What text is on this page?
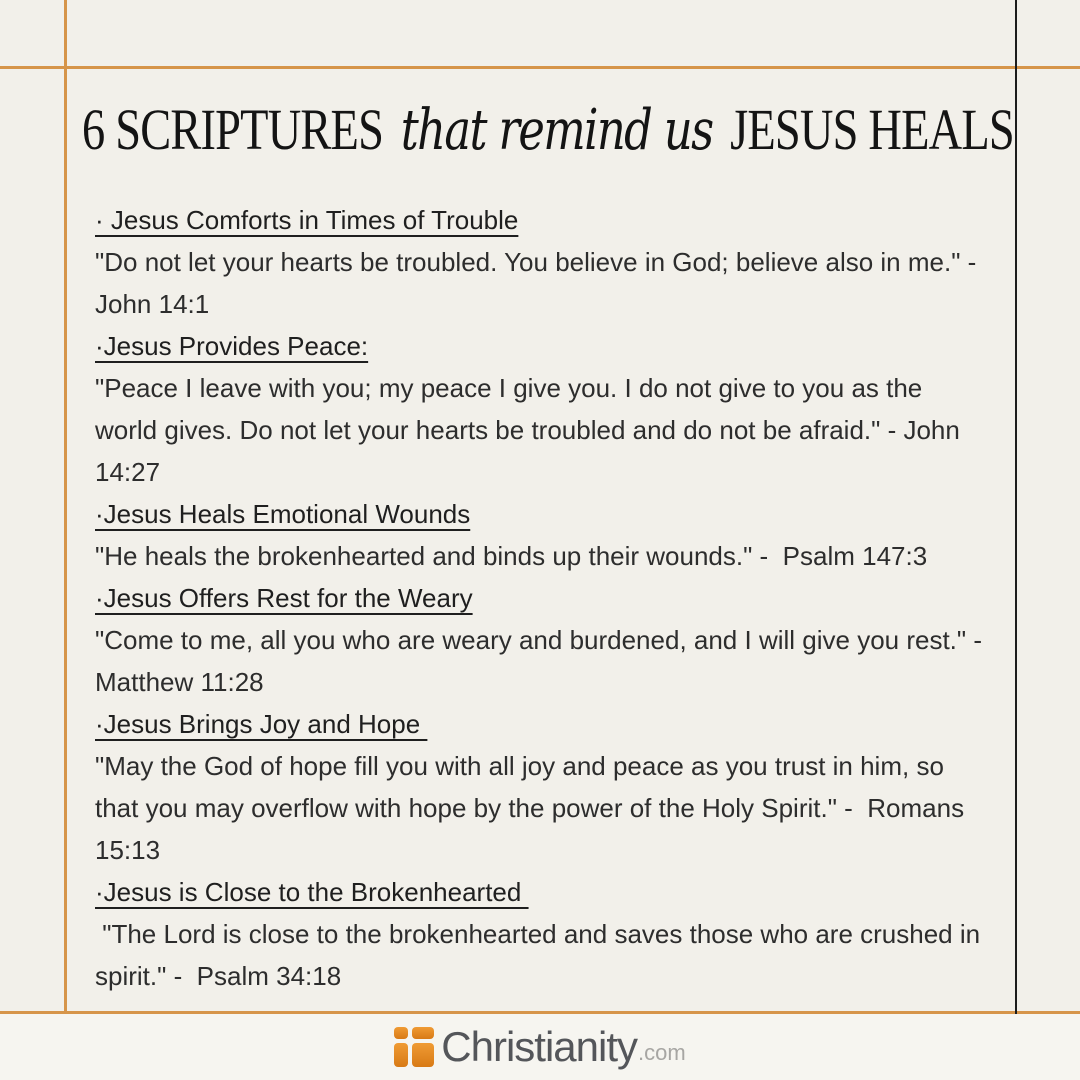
6 SCRIPTURES that remind us JESUS HEALS
· Jesus Comforts in Times of Trouble

"Do not let your hearts be troubled. You believe in God; believe also in me." - John 14:1

·Jesus Provides Peace:

"Peace I leave with you; my peace I give you. I do not give to you as the world gives. Do not let your hearts be troubled and do not be afraid." - John 14:27

·Jesus Heals Emotional Wounds

"He heals the brokenhearted and binds up their wounds." -  Psalm 147:3

·Jesus Offers Rest for the Weary

"Come to me, all you who are weary and burdened, and I will give you rest." - Matthew 11:28

·Jesus Brings Joy and Hope

"May the God of hope fill you with all joy and peace as you trust in him, so that you may overflow with hope by the power of the Holy Spirit." -  Romans 15:13

·Jesus is Close to the Brokenhearted

"The Lord is close to the brokenhearted and saves those who are crushed in spirit." -  Psalm 34:18

Christianity .com
